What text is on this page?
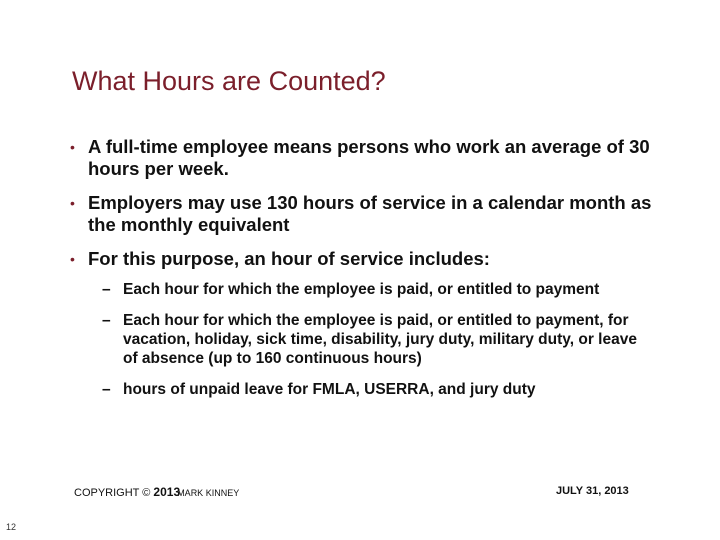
What Hours are Counted?
• A full-time employee means persons who work an average of 30 hours per week.
• Employers may use 130 hours of service in a calendar month as the monthly equivalent
• For this purpose, an hour of service includes:
– Each hour for which the employee is paid, or entitled to payment
– Each hour for which the employee is paid, or entitled to payment, for vacation, holiday, sick time, disability, jury duty, military duty, or leave of absence (up to 160 continuous hours)
– hours of unpaid leave for FMLA, USERRA, and jury duty
COPYRIGHT © 2013 MARK KINNEY	JULY 31, 2013
12
